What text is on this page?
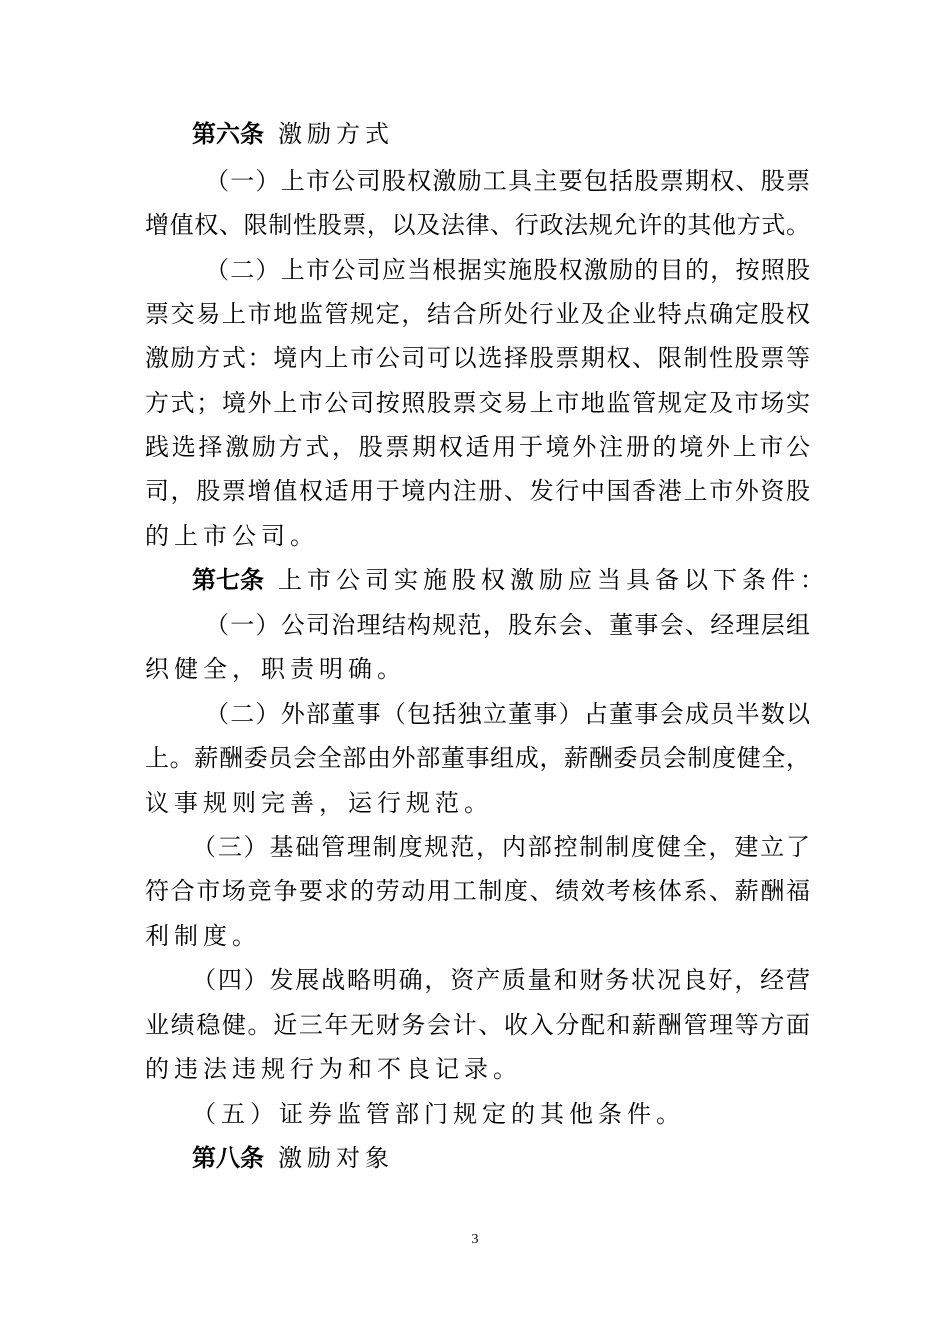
第六条 激励方式
（一）上市公司股权激励工具主要包括股票期权、股票
增值权、限制性股票，以及法律、行政法规允许的其他方式。
（二）上市公司应当根据实施股权激励的目的，按照股
票交易上市地监管规定，结合所处行业及企业特点确定股权
激励方式：境内上市公司可以选择股票期权、限制性股票等
方式；境外上市公司按照股票交易上市地监管规定及市场实
践选择激励方式，股票期权适用于境外注册的境外上市公
司，股票增值权适用于境内注册、发行中国香港上市外资股
的上市公司。
第七条 上市公司实施股权激励应当具备以下条件：
（一）公司治理结构规范，股东会、董事会、经理层组
织健全，职责明确。
（二）外部董事（包括独立董事）占董事会成员半数以
上。薪酬委员会全部由外部董事组成，薪酬委员会制度健全，
议事规则完善，运行规范。
（三）基础管理制度规范，内部控制制度健全，建立了
符合市场竞争要求的劳动用工制度、绩效考核体系、薪酬福
利制度。
（四）发展战略明确，资产质量和财务状况良好，经营
业绩稳健。近三年无财务会计、收入分配和薪酬管理等方面
的违法违规行为和不良记录。
（五）证券监管部门规定的其他条件。
第八条 激励对象
3
